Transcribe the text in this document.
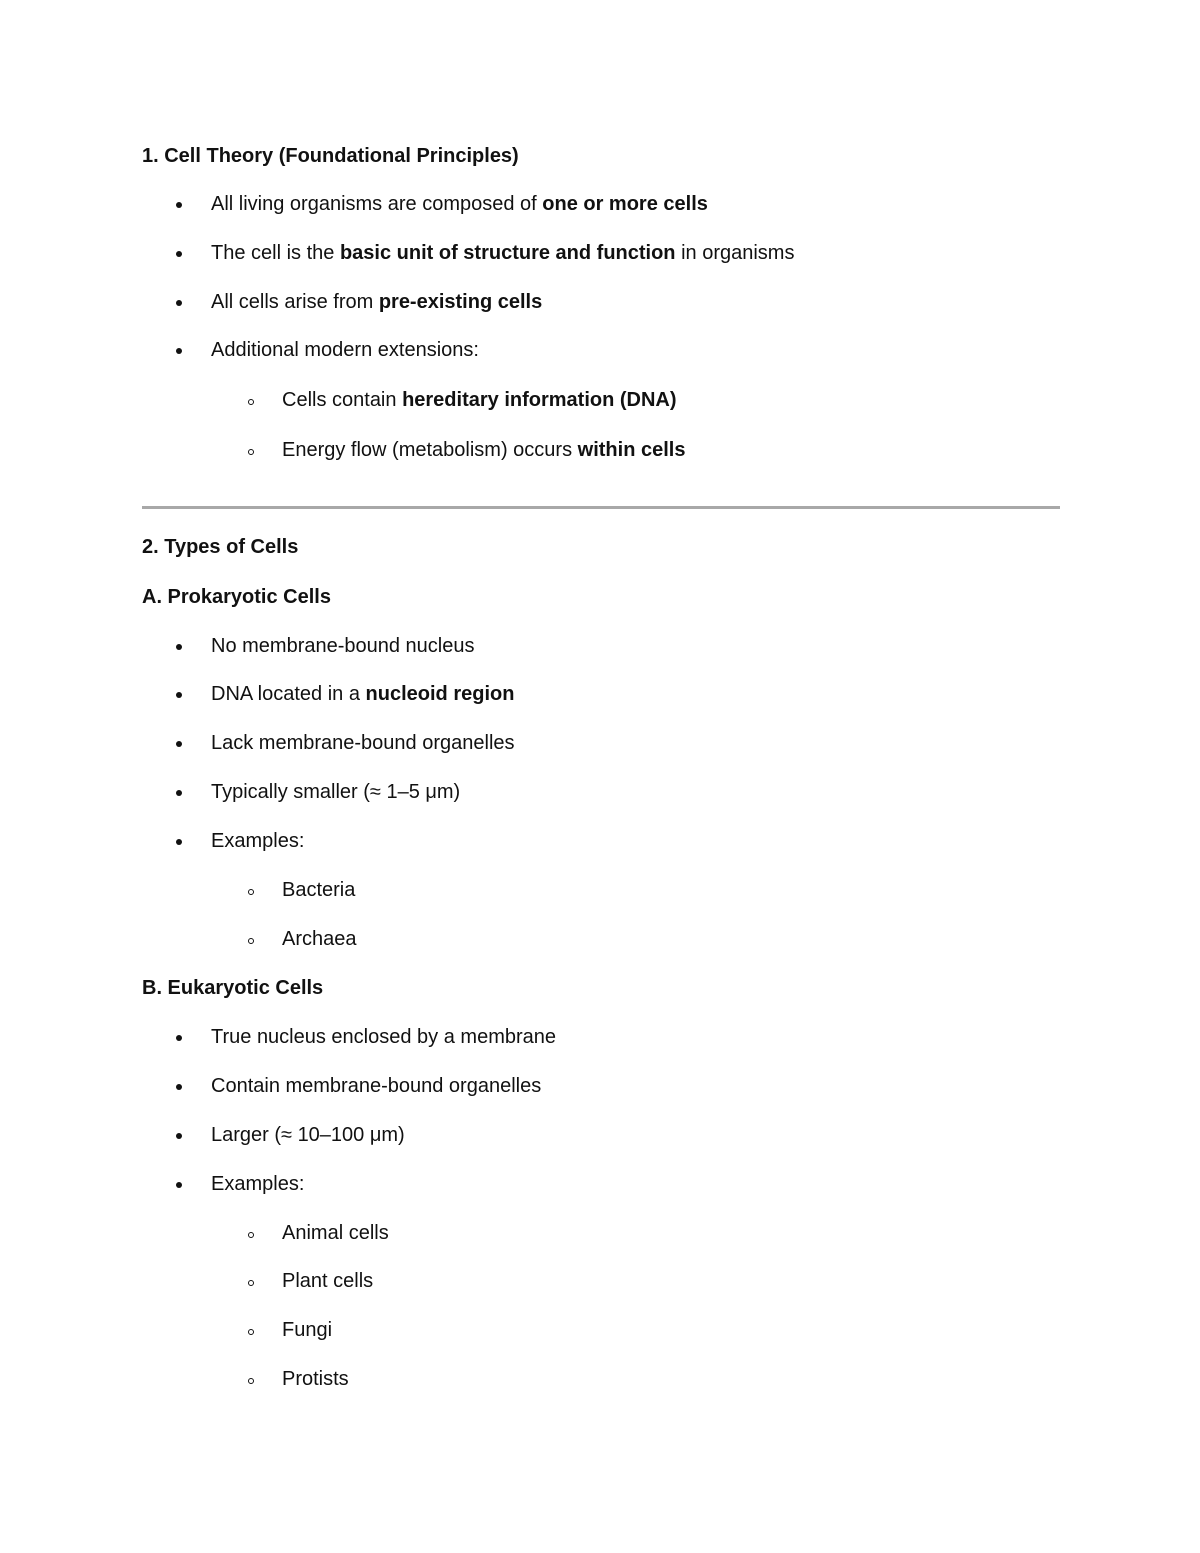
1. Cell Theory (Foundational Principles)
All living organisms are composed of one or more cells
The cell is the basic unit of structure and function in organisms
All cells arise from pre-existing cells
Additional modern extensions:
Cells contain hereditary information (DNA)
Energy flow (metabolism) occurs within cells
2. Types of Cells
A. Prokaryotic Cells
No membrane-bound nucleus
DNA located in a nucleoid region
Lack membrane-bound organelles
Typically smaller (≈ 1–5 μm)
Examples:
Bacteria
Archaea
B. Eukaryotic Cells
True nucleus enclosed by a membrane
Contain membrane-bound organelles
Larger (≈ 10–100 μm)
Examples:
Animal cells
Plant cells
Fungi
Protists
